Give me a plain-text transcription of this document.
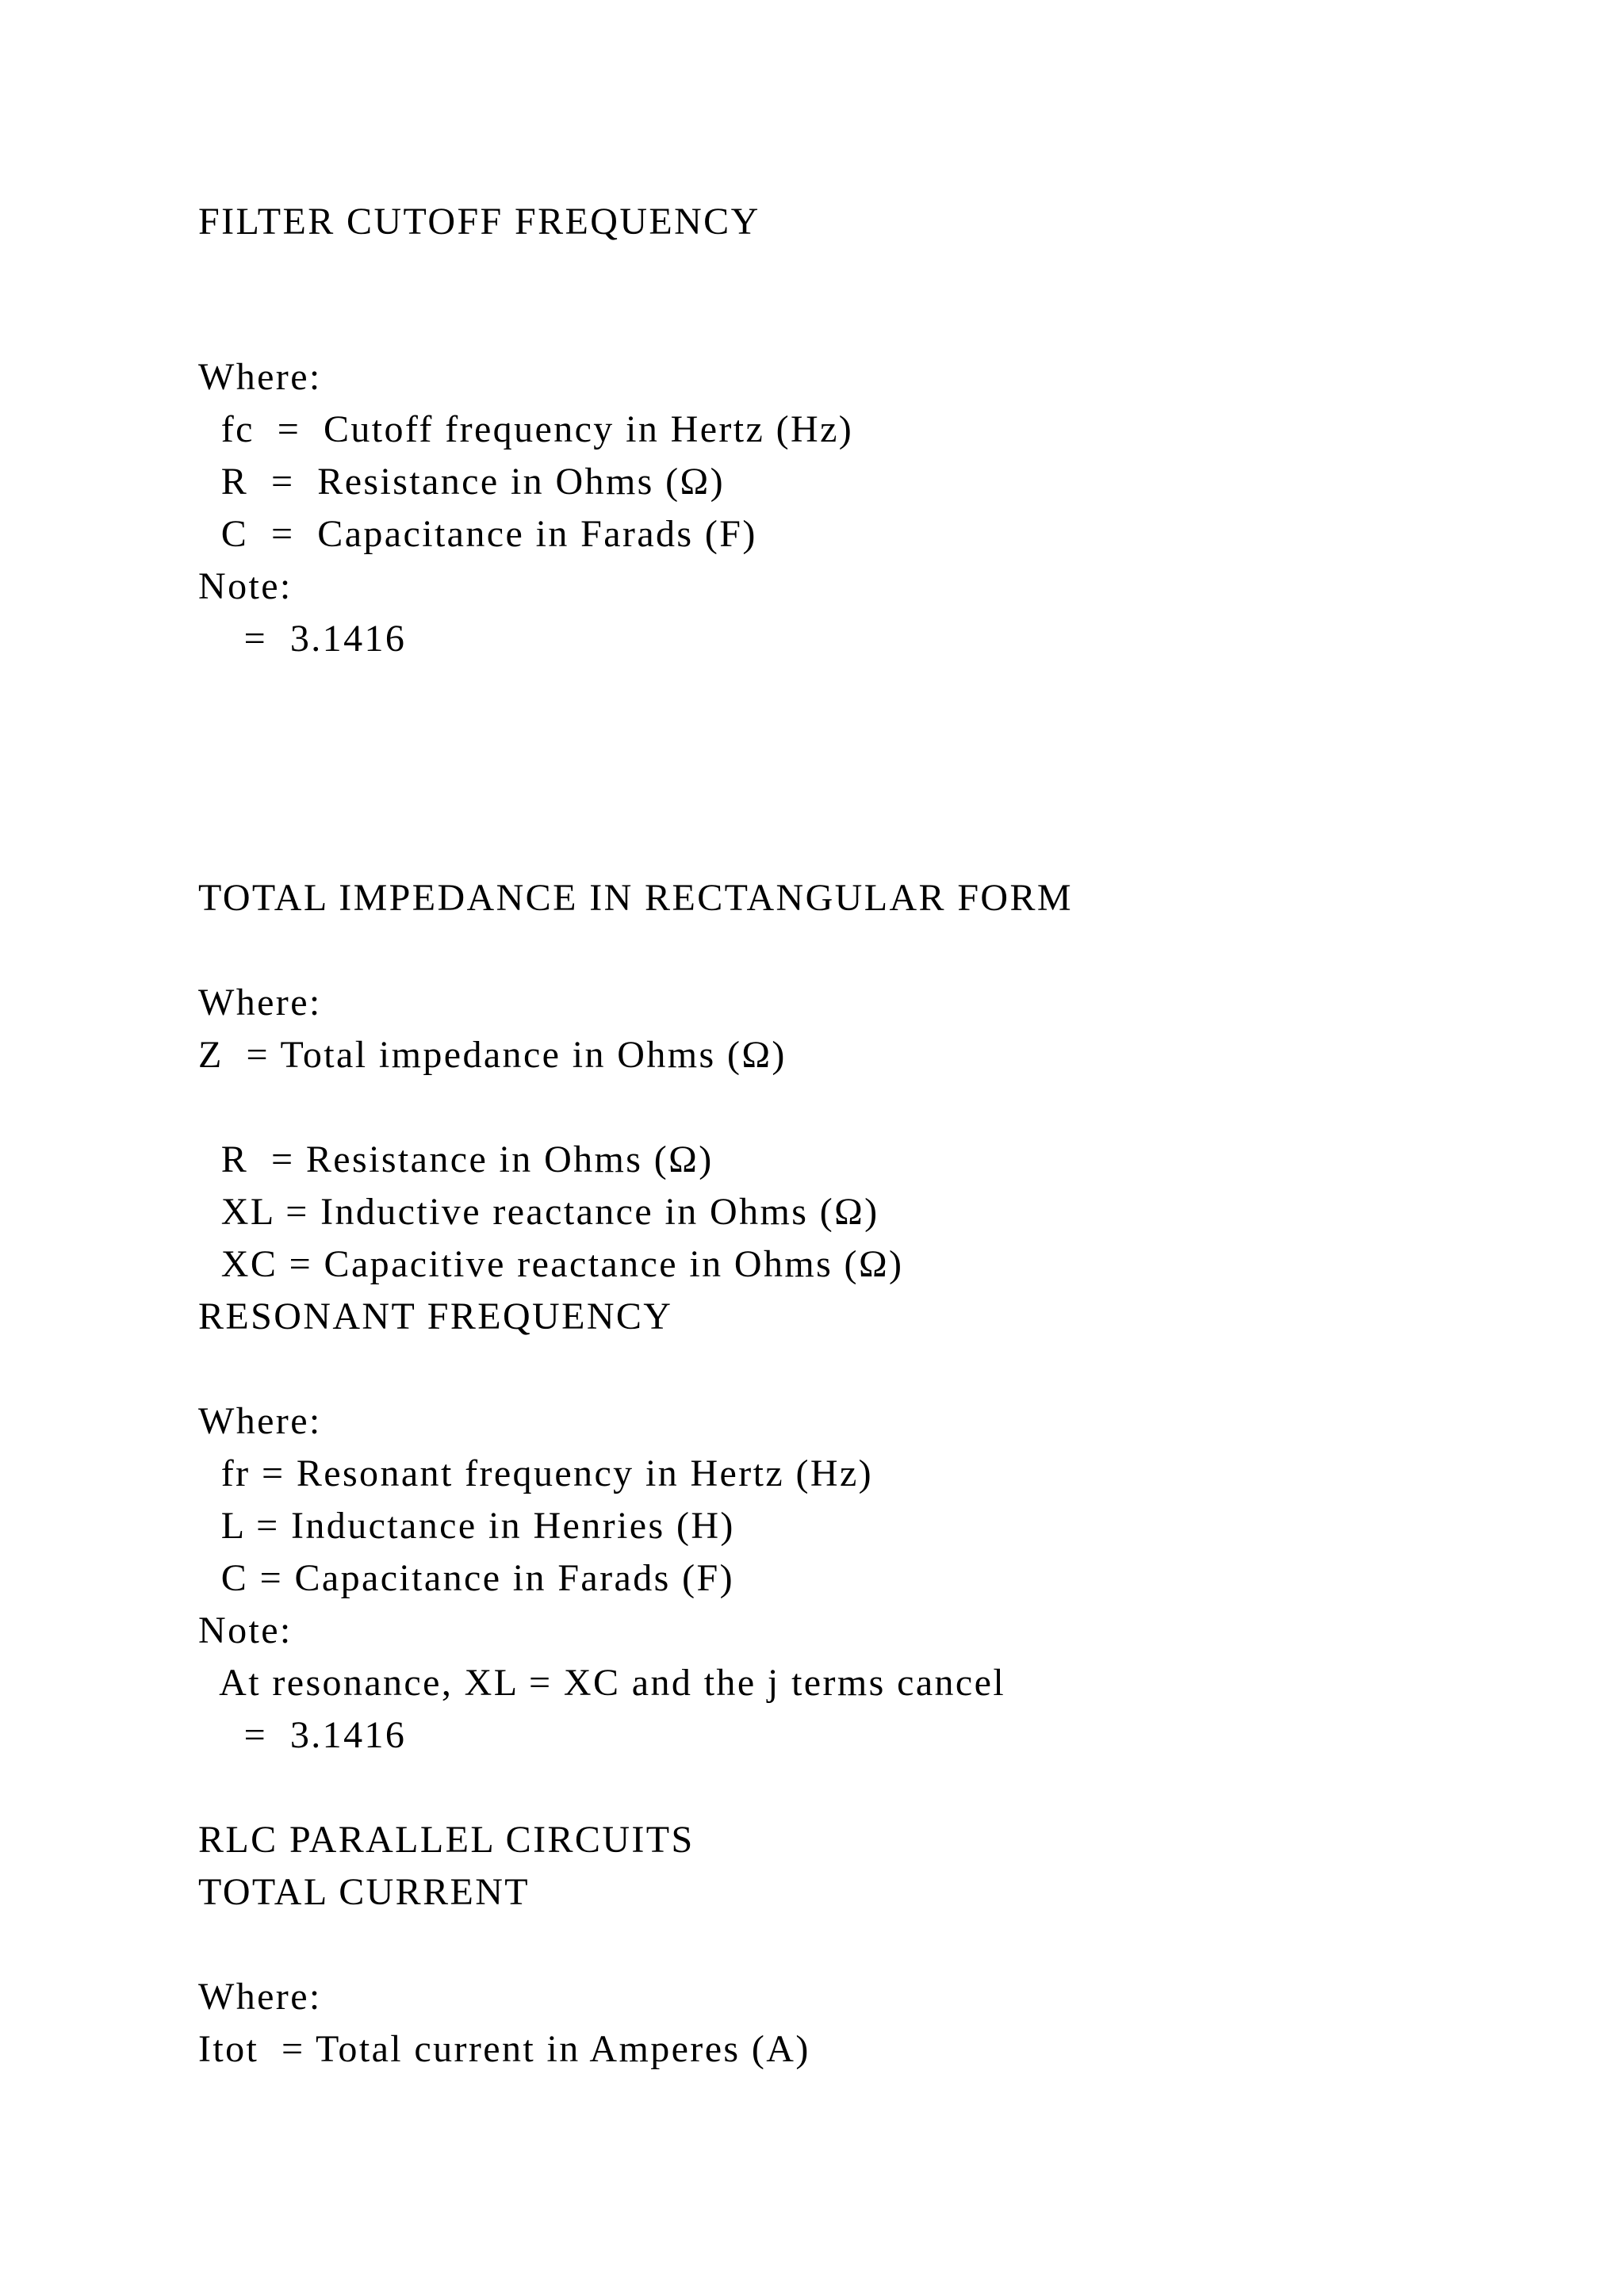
FILTER CUTOFF FREQUENCY

Where:

fc  =  Cutoff frequency in Hertz (Hz)

R  =  Resistance in Ohms (Ω)

C  =  Capacitance in Farads (F)

Note:

=  3.1416

TOTAL IMPEDANCE IN RECTANGULAR FORM

Where:

Z  = Total impedance in Ohms (Ω)

R  = Resistance in Ohms (Ω)

XL = Inductive reactance in Ohms (Ω)

XC = Capacitive reactance in Ohms (Ω)

RESONANT FREQUENCY

Where:

fr = Resonant frequency in Hertz (Hz)

L = Inductance in Henries (H)

C = Capacitance in Farads (F)

Note:

At resonance, XL = XC and the j terms cancel

=  3.1416

RLC PARALLEL CIRCUITS

TOTAL CURRENT

Where:

Itot  = Total current in Amperes (A)
